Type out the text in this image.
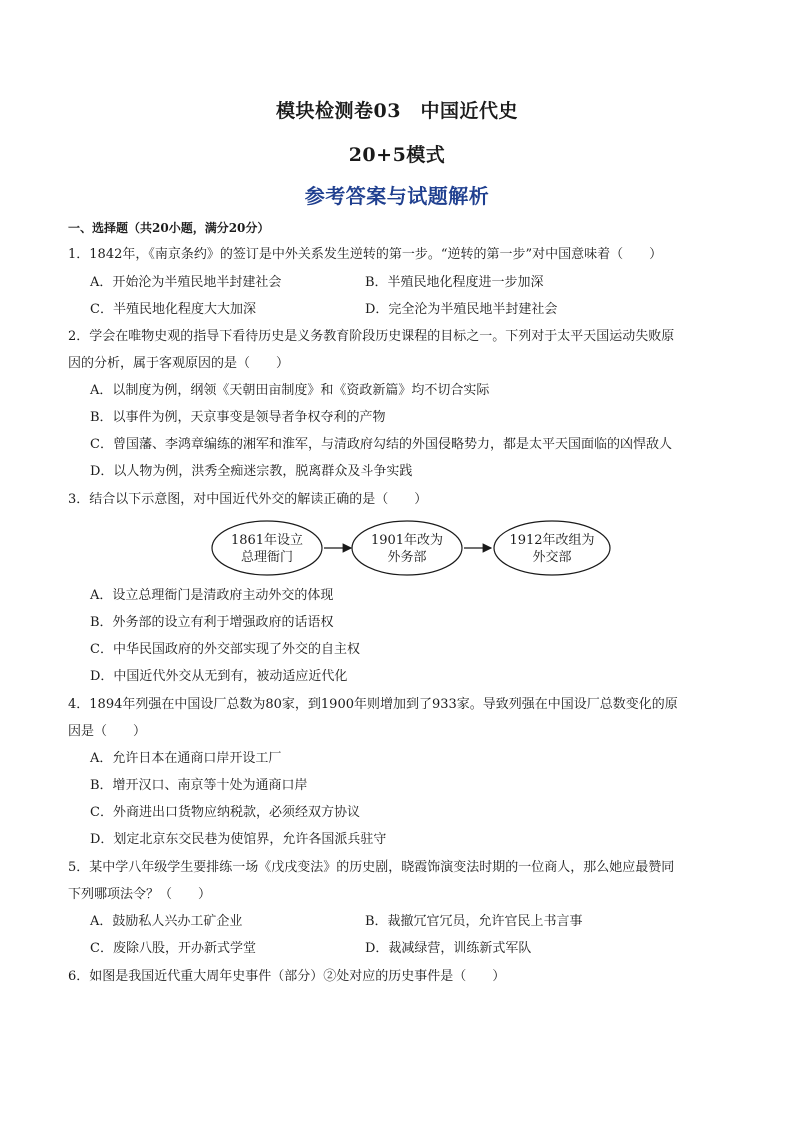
模块检测卷03　中国近代史
20+5模式
参考答案与试题解析
一、选择题（共20小题，满分20分）
1．1842年，《南京条约》的签订是中外关系发生逆转的第一步。“逆转的第一步”对中国意味着（　　）
A．开始沦为半殖民地半封建社会	B．半殖民地化程度进一步加深
C．半殖民地化程度大大加深	D．完全沦为半殖民地半封建社会
2．学会在唯物史观的指导下看待历史是义务教育阶段历史课程的目标之一。下列对于太平天国运动失败原
因的分析，属于客观原因的是（　　）
A．以制度为例，纲领《天朝田亩制度》和《资政新篇》均不切合实际
B．以事件为例，天京事变是领导者争权夺利的产物
C．曾国藩、李鸿章编练的湘军和淮军，与清政府勾结的外国侵略势力，都是太平天国面临的凶悍敌人
D．以人物为例，洪秀全痴迷宗教，脱离群众及斗争实践
3．结合以下示意图，对中国近代外交的解读正确的是（　　）
1861年设立
总理衙门
1901年改为
外务部
1912年改组为
外交部
A．设立总理衙门是清政府主动外交的体现
B．外务部的设立有利于增强政府的话语权
C．中华民国政府的外交部实现了外交的自主权
D．中国近代外交从无到有，被动适应近代化
4．1894年列强在中国设厂总数为80家，到1900年则增加到了933家。导致列强在中国设厂总数变化的原
因是（　　）
A．允许日本在通商口岸开设工厂
B．增开汉口、南京等十处为通商口岸
C．外商进出口货物应纳税款，必须经双方协议
D．划定北京东交民巷为使馆界，允许各国派兵驻守
5．某中学八年级学生要排练一场《戊戌变法》的历史剧，晓霞饰演变法时期的一位商人，那么她应最赞同
下列哪项法令？（　　）
A．鼓励私人兴办工矿企业	B．裁撤冗官冗员，允许官民上书言事
C．废除八股，开办新式学堂	D．裁减绿营，训练新式军队
6．如图是我国近代重大周年史事件（部分）②处对应的历史事件是（　　）
